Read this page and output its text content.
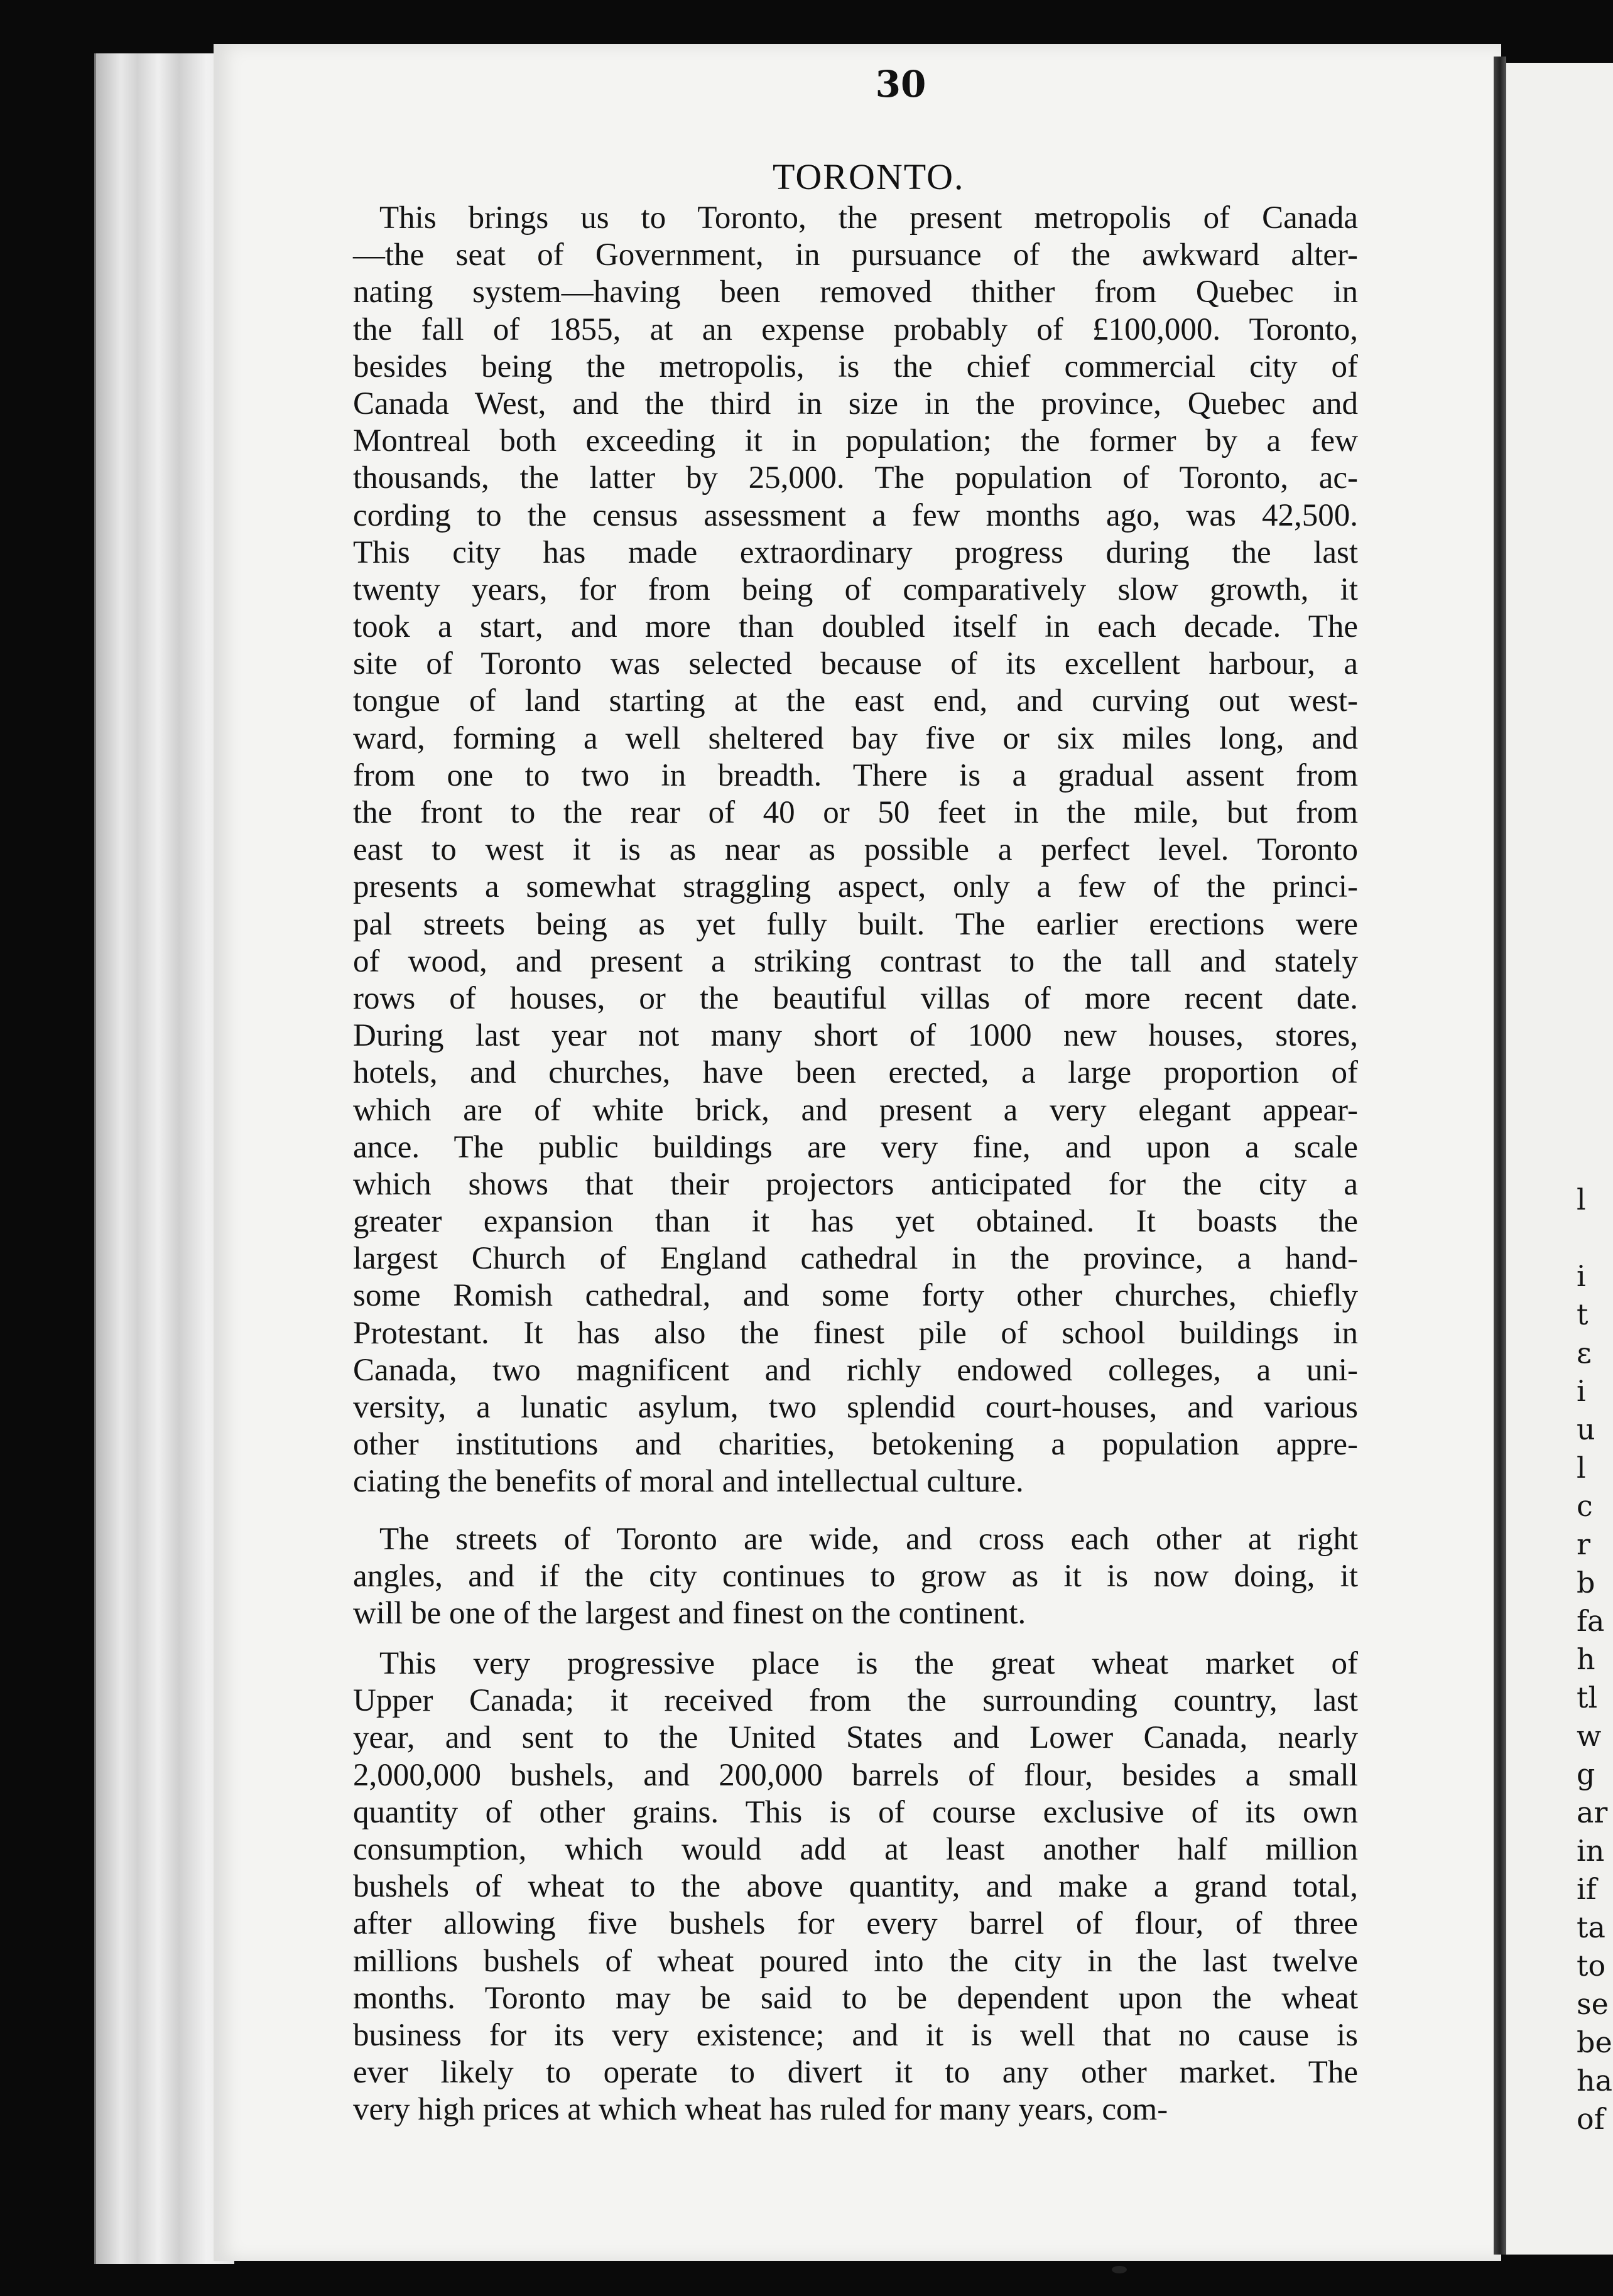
l
i
t
ε
i
u
l
c
r
b
fa
h
tl
w
g
ar
in
if
ta
to
se
be
ha
of
30
TORONTO.
This brings us to Toronto, the present metropolis of Canada
—the seat of Government, in pursuance of the awkward alter-
nating system—having been removed thither from Quebec in
the fall of 1855, at an expense probably of £100,000. Toronto,
besides being the metropolis, is the chief commercial city of
Canada West, and the third in size in the province, Quebec and
Montreal both exceeding it in population; the former by a few
thousands, the latter by 25,000. The population of Toronto, ac-
cording to the census assessment a few months ago, was 42,500.
This city has made extraordinary progress during the last
twenty years, for from being of comparatively slow growth, it
took a start, and more than doubled itself in each decade. The
site of Toronto was selected because of its excellent harbour, a
tongue of land starting at the east end, and curving out west-
ward, forming a well sheltered bay five or six miles long, and
from one to two in breadth. There is a gradual assent from
the front to the rear of 40 or 50 feet in the mile, but from
east to west it is as near as possible a perfect level. Toronto
presents a somewhat straggling aspect, only a few of the princi-
pal streets being as yet fully built. The earlier erections were
of wood, and present a striking contrast to the tall and stately
rows of houses, or the beautiful villas of more recent date.
During last year not many short of 1000 new houses, stores,
hotels, and churches, have been erected, a large proportion of
which are of white brick, and present a very elegant appear-
ance. The public buildings are very fine, and upon a scale
which shows that their projectors anticipated for the city a
greater expansion than it has yet obtained. It boasts the
largest Church of England cathedral in the province, a hand-
some Romish cathedral, and some forty other churches, chiefly
Protestant. It has also the finest pile of school buildings in
Canada, two magnificent and richly endowed colleges, a uni-
versity, a lunatic asylum, two splendid court-houses, and various
other institutions and charities, betokening a population appre-
ciating the benefits of moral and intellectual culture.
The streets of Toronto are wide, and cross each other at right
angles, and if the city continues to grow as it is now doing, it
will be one of the largest and finest on the continent.
This very progressive place is the great wheat market of
Upper Canada; it received from the surrounding country, last
year, and sent to the United States and Lower Canada, nearly
2,000,000 bushels, and 200,000 barrels of flour, besides a small
quantity of other grains. This is of course exclusive of its own
consumption, which would add at least another half million
bushels of wheat to the above quantity, and make a grand total,
after allowing five bushels for every barrel of flour, of three
millions bushels of wheat poured into the city in the last twelve
months. Toronto may be said to be dependent upon the wheat
business for its very existence; and it is well that no cause is
ever likely to operate to divert it to any other market. The
very high prices at which wheat has ruled for many years, com-
